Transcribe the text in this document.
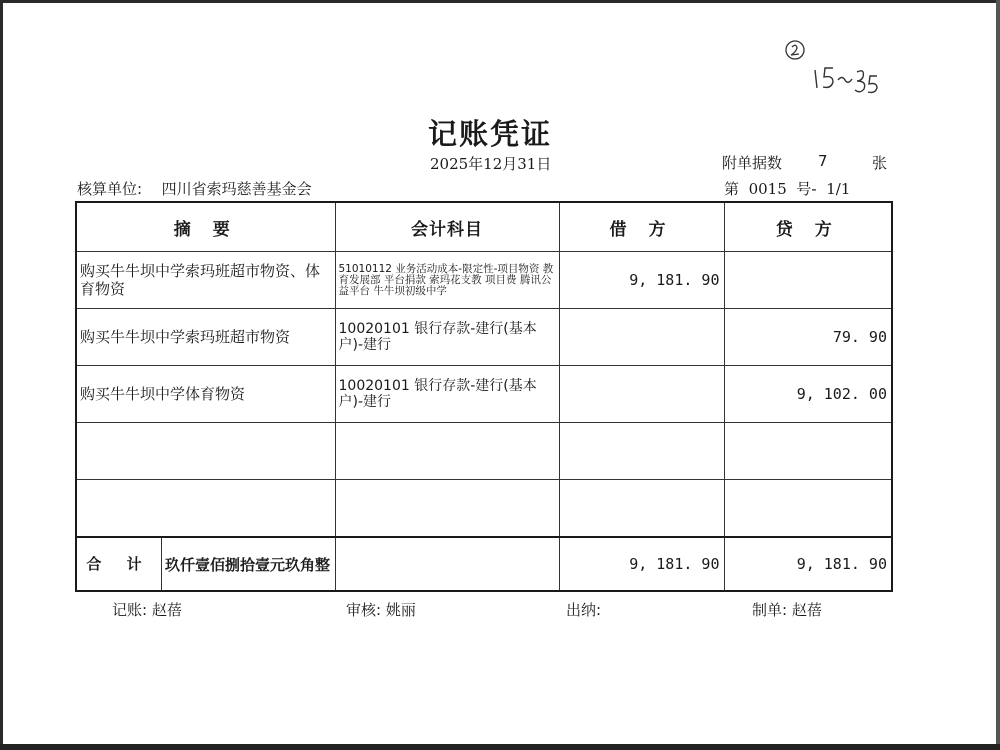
记账凭证
2025年12月31日	附单据数 7	张
核算单位: 四川省索玛慈善基金会	第 0015 号- 1/1
摘 要	会计科目	借 方	贷 方
购买牛牛坝中学索玛班超市物资、体育物资	51010112 业务活动成本-限定性-项目物资 教育发展部 平台捐款 索玛花支教 项目费 腾讯公益平台 牛牛坝初级中学	9, 181. 90	
购买牛牛坝中学索玛班超市物资	10020101 银行存款-建行(基本户)-建行		79. 90
购买牛牛坝中学体育物资	10020101 银行存款-建行(基本户)-建行		9, 102. 00

合 计 玖仟壹佰捌拾壹元玖角整		9, 181. 90	9, 181. 90
记账: 赵蓓	审核: 姚丽	出纳:	制单: 赵蓓
